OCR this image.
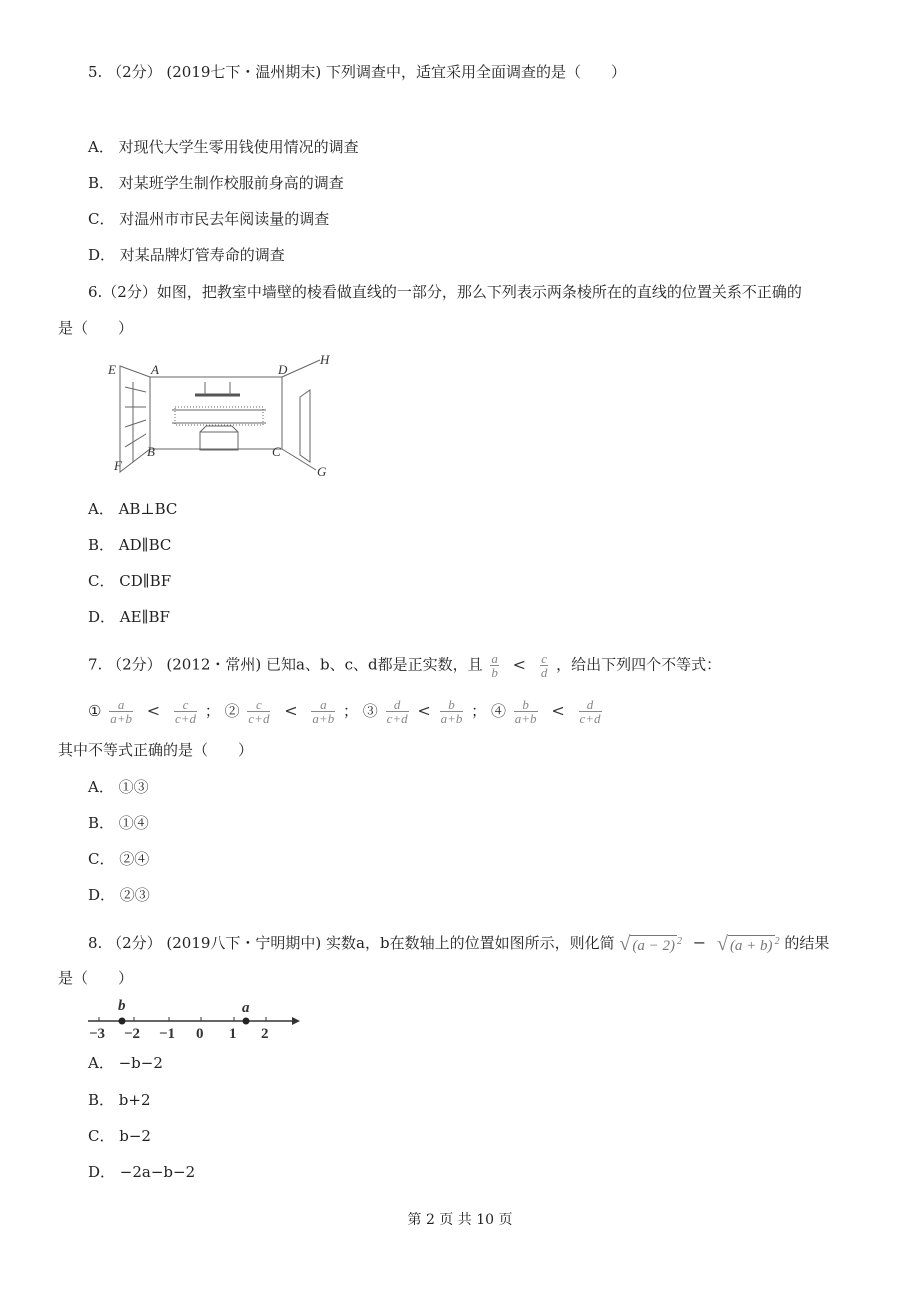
5. （2分） (2019七下・温州期末) 下列调查中，适宜采用全面调查的是（　　）
A． 对现代大学生零用钱使用情况的调查
B． 对某班学生制作校服前身高的调查
C． 对温州市市民去年阅读量的调查
D． 对某品牌灯管寿命的调查
6.（2分）如图，把教室中墙壁的棱看做直线的一部分，那么下列表示两条棱所在的直线的位置关系不正确的
是（　　）
E	A	D
H
F
B	C
G
A． AB⊥BC
B． AD∥BC
C． CD∥BF
D． AE∥BF
7. （2分） (2012・常州) 已知a、b、c、d都是正实数，且 $\frac{a}{b} < \frac{c}{d}$ ，给出下列四个不等式：
① $\frac{a}{a+b} < \frac{c}{c+d}$ ； ② $\frac{c}{c+d} < \frac{a}{a+b}$ ； ③ $\frac{d}{c+d} < \frac{b}{a+b}$ ； ④ $\frac{b}{a+b} < \frac{d}{c+d}$
其中不等式正确的是（　　）
A． ①③
B． ①④
C． ②④
D． ②③
8. （2分） (2019八下・宁明期中) 实数a，b在数轴上的位置如图所示，则化简 √ (a − 2) $^2$ − √ (a + b) $^2$ 的结果
是（　　）
−3 −2 −1 0 1 2
b	a
A． −b−2
B． b+2
C． b−2
D． −2a−b−2
第 2 页 共 10 页
